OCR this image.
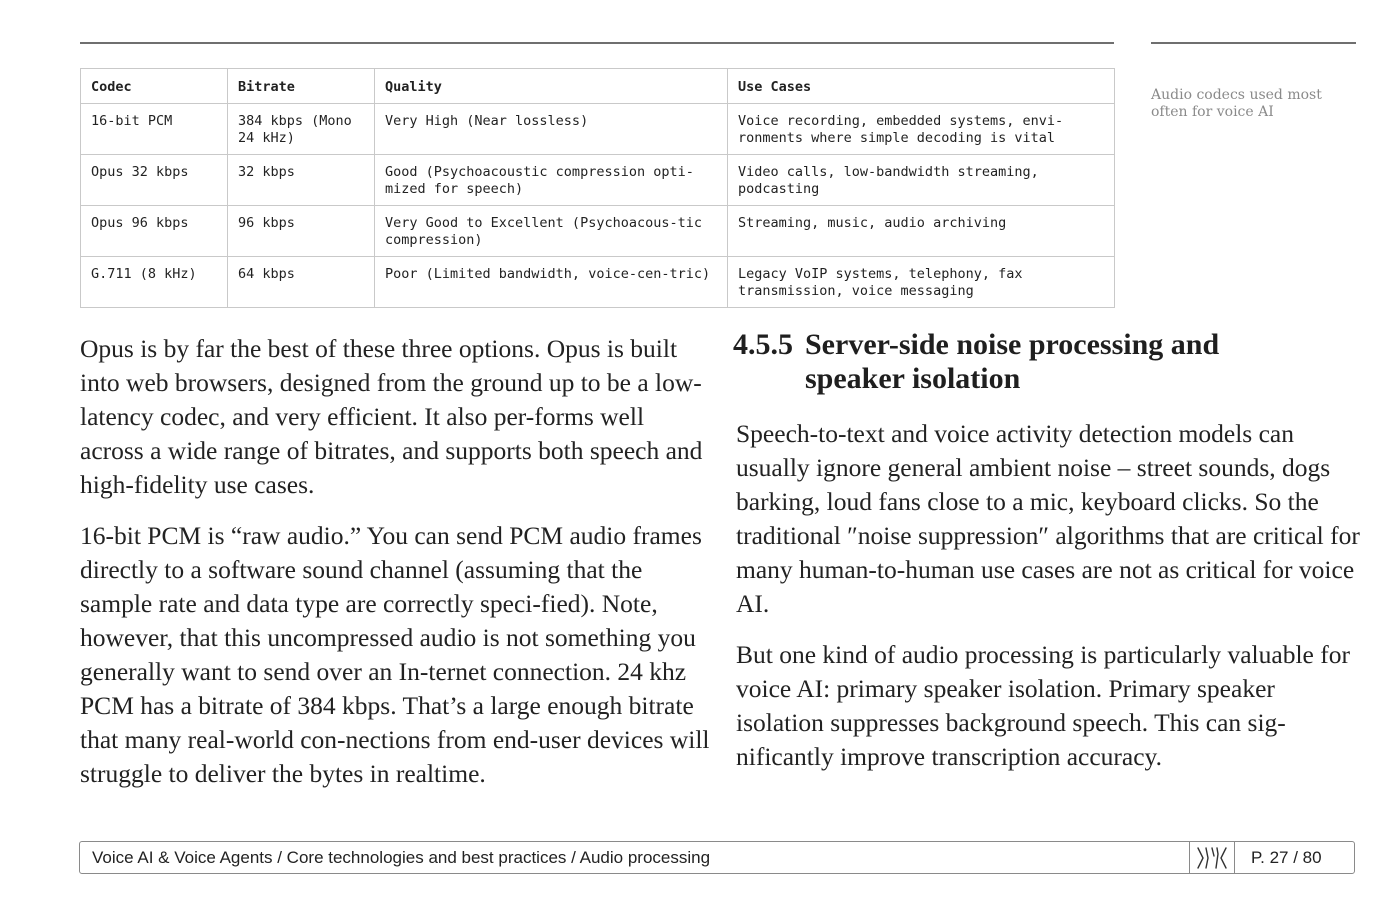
Codec	Bitrate	Quality	Use Cases
16-bit PCM	384 kbps (Mono 24 kHz)	Very High (Near lossless)	Voice recording, embedded systems, envi-ronments where simple decoding is vital
Opus 32 kbps	32 kbps	Good (Psychoacoustic compression opti-mized for speech)	Video calls, low-bandwidth streaming, podcasting
Opus 96 kbps	96 kbps	Very Good to Excellent (Psychoacous-tic compression)	Streaming, music, audio archiving
G.711 (8 kHz)	64 kbps	Poor (Limited bandwidth, voice-cen-tric)	Legacy VoIP systems, telephony, fax transmission, voice messaging
Audio codecs used most often for voice AI

Opus is by far the best of these three options. Opus is built into web browsers, designed from the ground up to be a low-latency codec, and very efficient. It also per-forms well across a wide range of bitrates, and supports both speech and high-fidelity use cases.

16-bit PCM is “raw audio.” You can send PCM audio frames directly to a software sound channel (assuming that the sample rate and data type are correctly speci-fied). Note, however, that this uncompressed audio is not something you generally want to send over an In-ternet connection. 24 khz PCM has a bitrate of 384 kbps. That’s a large enough bitrate that many real-world con-nections from end-user devices will struggle to deliver the bytes in realtime.

4.5.5 Server-side noise processing and speaker isolation

Speech-to-text and voice activity detection models can usually ignore general ambient noise – street sounds, dogs barking, loud fans close to a mic, keyboard clicks. So the traditional ″noise suppression″ algorithms that are critical for many human-to-human use cases are not as critical for voice AI.

But one kind of audio processing is particularly valuable for voice AI: primary speaker isolation. Primary speaker isolation suppresses background speech. This can sig-nificantly improve transcription accuracy.

Voice AI & Voice Agents / Core technologies and best practices / Audio processing	P. 27 / 80
